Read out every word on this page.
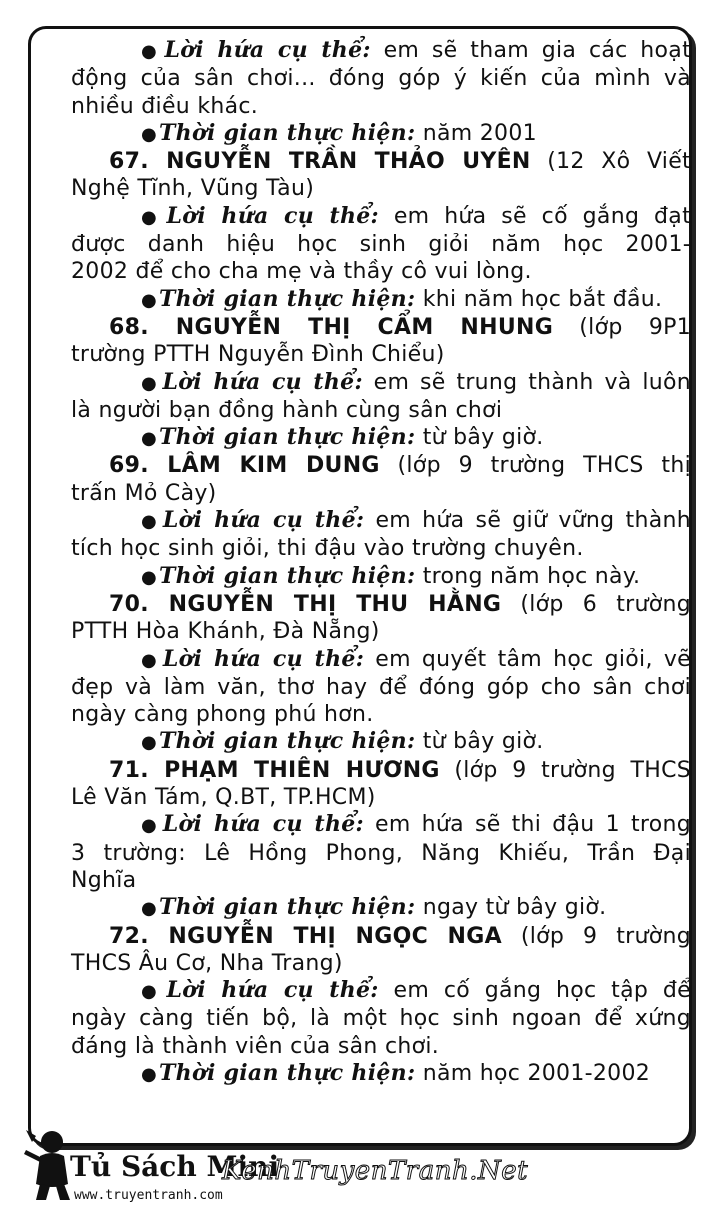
●Lời hứa cụ thể: em sẽ tham gia các hoạt
động của sân chơi... đóng góp ý kiến của mình và
nhiều điều khác.
●Thời gian thực hiện: năm 2001
67. NGUYỄN TRẦN THẢO UYÊN (12 Xô Viết
Nghệ Tĩnh, Vũng Tàu)
●Lời hứa cụ thể: em hứa sẽ cố gắng đạt
được danh hiệu học sinh giỏi năm học 2001-
2002 để cho cha mẹ và thầy cô vui lòng.
●Thời gian thực hiện: khi năm học bắt đầu.
68. NGUYỄN THỊ CẨM NHUNG (lớp 9P1
trường PTTH Nguyễn Đình Chiểu)
●Lời hứa cụ thể: em sẽ trung thành và luôn
là người bạn đồng hành cùng sân chơi
●Thời gian thực hiện: từ bây giờ.
69. LÂM KIM DUNG (lớp 9 trường THCS thị
trấn Mỏ Cày)
●Lời hứa cụ thể: em hứa sẽ giữ vững thành
tích học sinh giỏi, thi đậu vào trường chuyên.
●Thời gian thực hiện: trong năm học này.
70. NGUYỄN THỊ THU HẰNG (lớp 6 trường
PTTH Hòa Khánh, Đà Nẵng)
●Lời hứa cụ thể: em quyết tâm học giỏi, vẽ
đẹp và làm văn, thơ hay để đóng góp cho sân chơi
ngày càng phong phú hơn.
●Thời gian thực hiện: từ bây giờ.
71. PHẠM THIÊN HƯƠNG (lớp 9 trường THCS
Lê Văn Tám, Q.BT, TP.HCM)
●Lời hứa cụ thể: em hứa sẽ thi đậu 1 trong
3 trường: Lê Hồng Phong, Năng Khiếu, Trần Đại
Nghĩa
●Thời gian thực hiện: ngay từ bây giờ.
72. NGUYỄN THỊ NGỌC NGA (lớp 9 trường
THCS Âu Cơ, Nha Trang)
●Lời hứa cụ thể: em cố gắng học tập để
ngày càng tiến bộ, là một học sinh ngoan để xứng
đáng là thành viên của sân chơi.
●Thời gian thực hiện: năm học 2001-2002
Tủ Sách Mini
www.truyentranh.com
KenhTruyenTranh.Net
